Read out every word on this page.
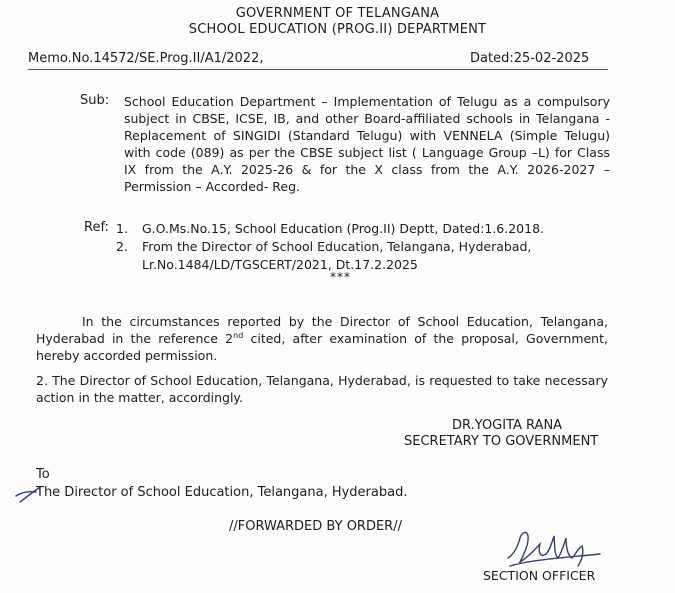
GOVERNMENT OF TELANGANA
SCHOOL EDUCATION (PROG.II) DEPARTMENT
Memo.No.14572/SE.Prog.II/A1/2022,	Dated:25-02-2025
Sub: School Education Department – Implementation of Telugu as a compulsory subject in CBSE, ICSE, IB, and other Board-affiliated schools in Telangana - Replacement of SINGIDI (Standard Telugu) with VENNELA (Simple Telugu) with code (089) as per the CBSE subject list ( Language Group –L) for Class IX from the A.Y. 2025-26 & for the X class from the A.Y. 2026-2027 – Permission – Accorded- Reg.
Ref: 1. G.O.Ms.No.15, School Education (Prog.II) Deptt, Dated:1.6.2018.
2. From the Director of School Education, Telangana, Hyderabad, Lr.No.1484/LD/TGSCERT/2021, Dt.17.2.2025
***
In the circumstances reported by the Director of School Education, Telangana, Hyderabad in the reference 2nd cited, after examination of the proposal, Government, hereby accorded permission.
2. The Director of School Education, Telangana, Hyderabad, is requested to take necessary action in the matter, accordingly.
DR.YOGITA RANA
SECRETARY TO GOVERNMENT
To
The Director of School Education, Telangana, Hyderabad.
//FORWARDED BY ORDER//
SECTION OFFICER
